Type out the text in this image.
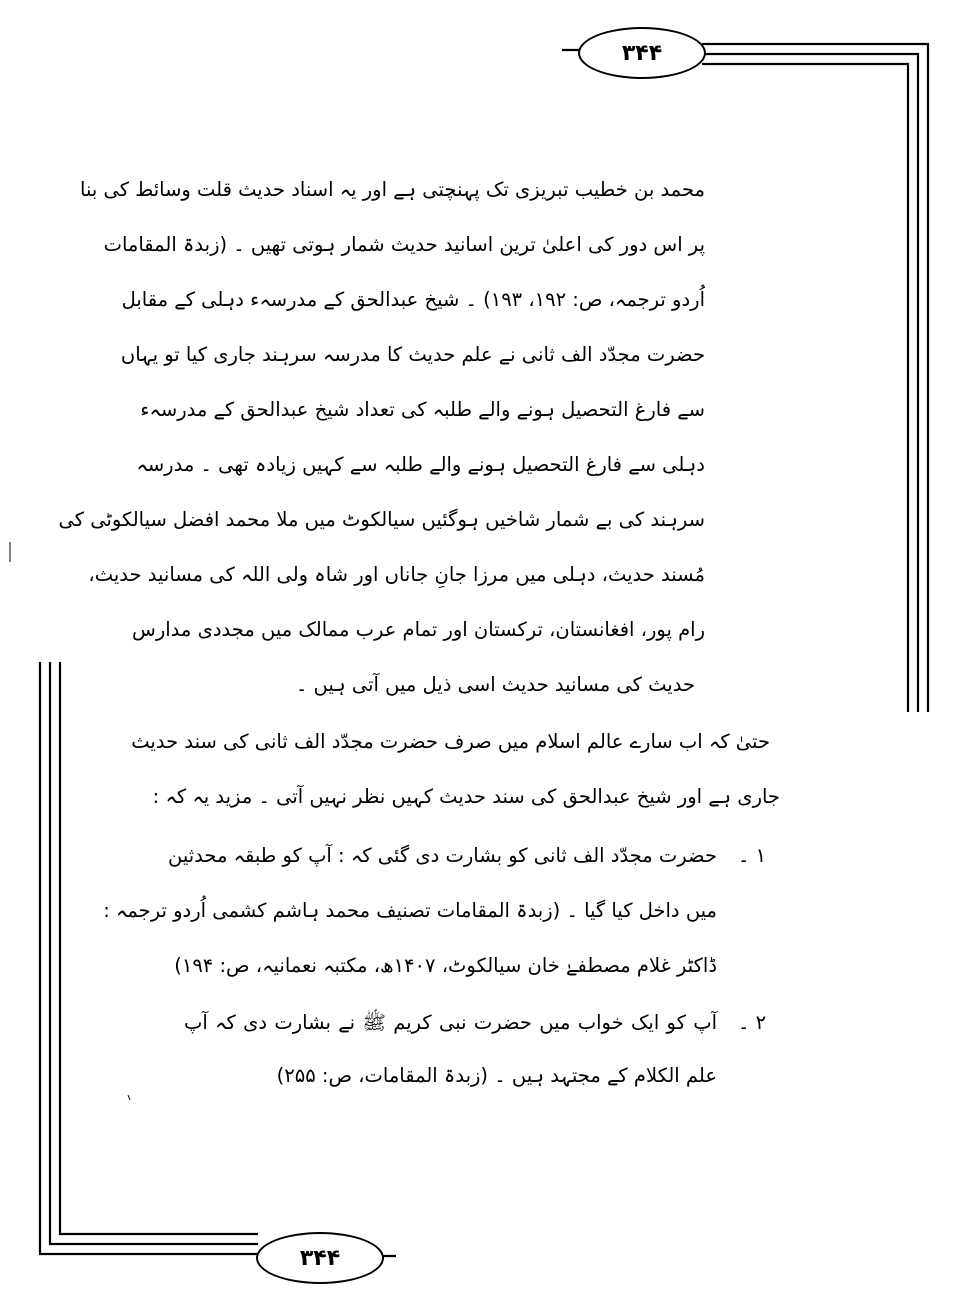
۳۴۴
۳۴۴
محمد بن خطیب تبریزی تک پہنچتی ہے اور یہ اسناد حدیث قلت وسائط کی بنا
پر اس دور کی اعلیٰ ترین اسانید حدیث شمار ہوتی تھیں ۔ (زبدۃ المقامات
اُردو ترجمہ، ص: ۱۹۲، ۱۹۳) ۔ شیخ عبدالحق کے مدرسہء دہلی کے مقابل
حضرت مجدّد الف ثانی نے علم حدیث کا مدرسہ سرہند جاری کیا تو یہاں
سے فارغ التحصیل ہونے والے طلبہ کی تعداد شیخ عبدالحق کے مدرسہء
دہلی سے فارغ التحصیل ہونے والے طلبہ سے کہیں زیادہ تھی ۔ مدرسہ
سرہند کی بے شمار شاخیں ہوگئیں سیالکوٹ میں ملا محمد افضل سیالکوٹی کی
مُسند حدیث، دہلی میں مرزا جانِ جاناں اور شاہ ولی اللہ کی مسانید حدیث،
رام پور، افغانستان، ترکستان اور تمام عرب ممالک میں مجددی مدارس
حدیث کی مسانید حدیث اسی ذیل میں آتی ہیں ۔
حتیٰ کہ اب سارے عالم اسلام میں صرف حضرت مجدّد الف ثانی کی سند حدیث
جاری ہے اور شیخ عبدالحق کی سند حدیث کہیں نظر نہیں آتی ۔ مزید یہ کہ :
۱ ۔
حضرت مجدّد الف ثانی کو بشارت دی گئی کہ : آپ کو طبقہ محدثین
میں داخل کیا گیا ۔ (زبدۃ المقامات تصنیف محمد ہاشم کشمی اُردو ترجمہ :
ڈاکٹر غلام مصطفےٰ خان سیالکوٹ، ۱۴۰۷ھ، مکتبہ نعمانیہ، ص: ۱۹۴)
۲ ۔
آپ کو ایک خواب میں حضرت نبی کریم ﷺ نے بشارت دی کہ آپ
علم الکلام کے مجتہد ہیں ۔ (زبدۃ المقامات، ص: ۲۵۵)
